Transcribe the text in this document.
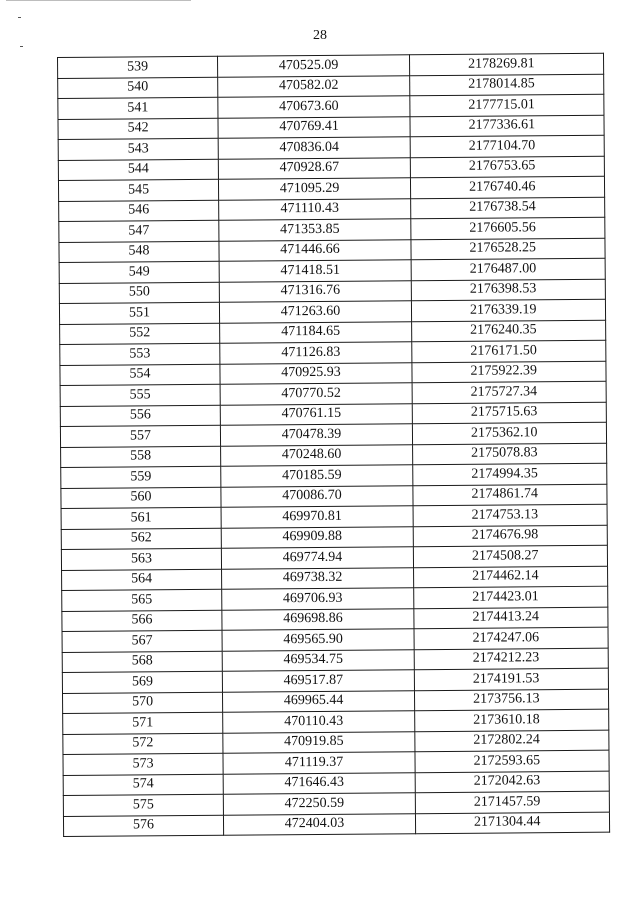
28
539	470525.09	2178269.81
540	470582.02	2178014.85
541	470673.60	2177715.01
542	470769.41	2177336.61
543	470836.04	2177104.70
544	470928.67	2176753.65
545	471095.29	2176740.46
546	471110.43	2176738.54
547	471353.85	2176605.56
548	471446.66	2176528.25
549	471418.51	2176487.00
550	471316.76	2176398.53
551	471263.60	2176339.19
552	471184.65	2176240.35
553	471126.83	2176171.50
554	470925.93	2175922.39
555	470770.52	2175727.34
556	470761.15	2175715.63
557	470478.39	2175362.10
558	470248.60	2175078.83
559	470185.59	2174994.35
560	470086.70	2174861.74
561	469970.81	2174753.13
562	469909.88	2174676.98
563	469774.94	2174508.27
564	469738.32	2174462.14
565	469706.93	2174423.01
566	469698.86	2174413.24
567	469565.90	2174247.06
568	469534.75	2174212.23
569	469517.87	2174191.53
570	469965.44	2173756.13
571	470110.43	2173610.18
572	470919.85	2172802.24
573	471119.37	2172593.65
574	471646.43	2172042.63
575	472250.59	2171457.59
576	472404.03	2171304.44
